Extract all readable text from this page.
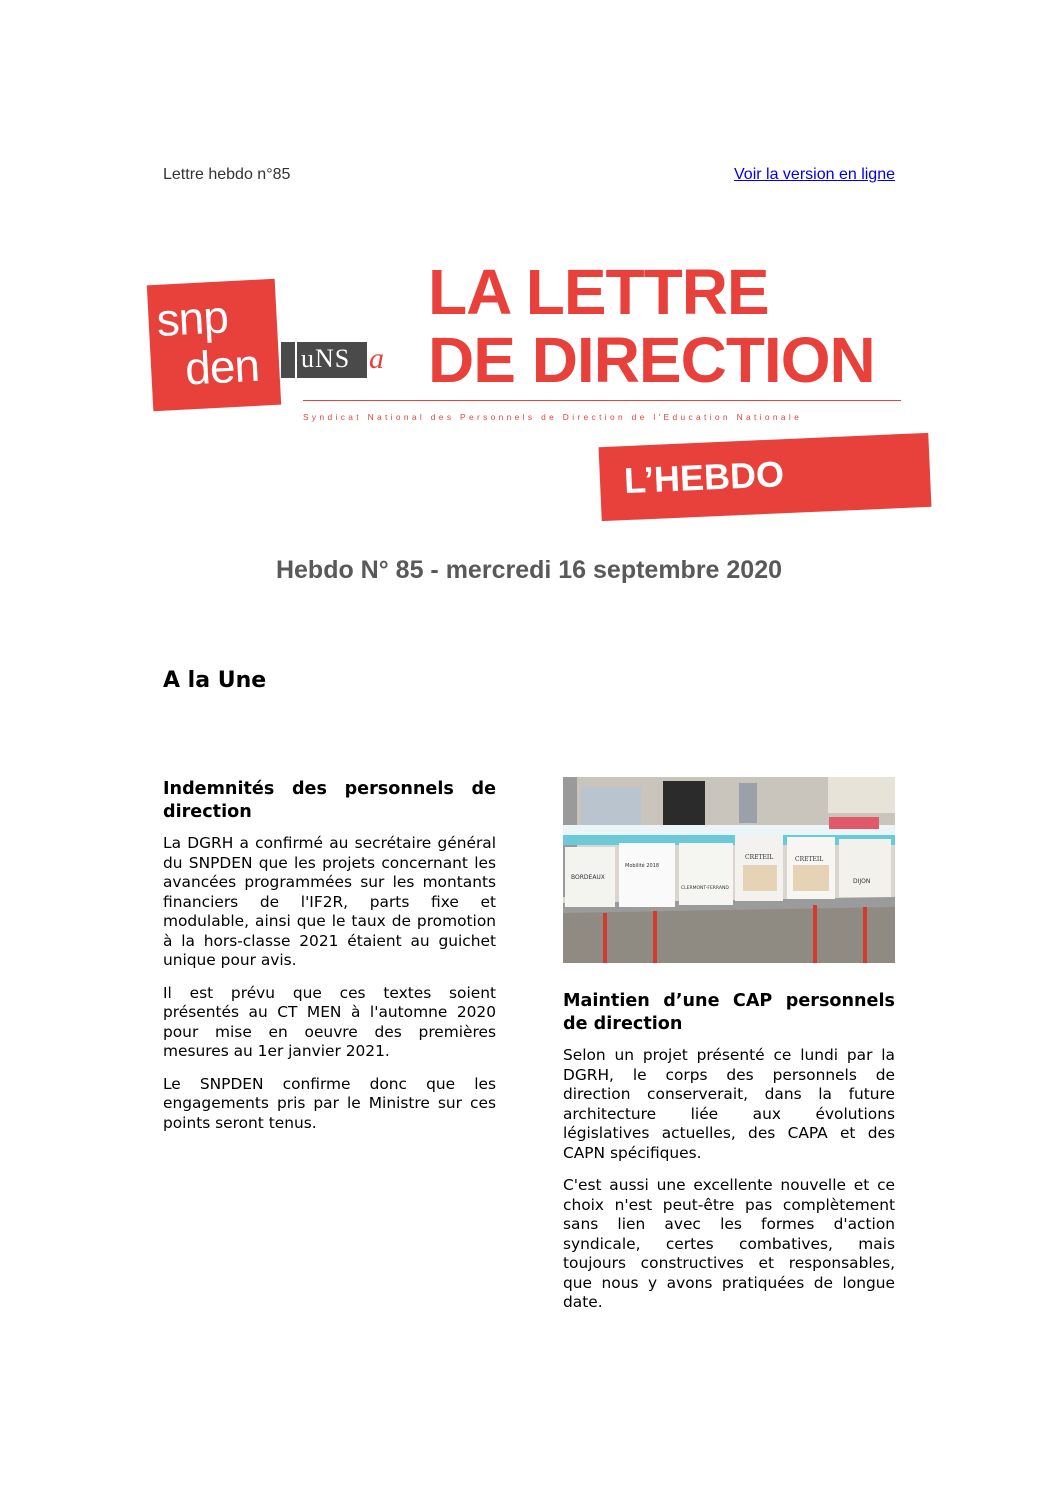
Lettre hebdo n°85	Voir la version en ligne
snp
den uNS a
LA LETTRE
DE DIRECTION
Syndicat National des Personnels de Direction de l'Education Nationale
L’HEBDO
Hebdo N° 85 - mercredi 16 septembre 2020
A la Une
Indemnités des personnels de direction

La DGRH a confirmé au secrétaire général du SNPDEN que les projets concernant les avancées programmées sur les montants financiers de l'IF2R, parts fixe et modulable, ainsi que le taux de promotion à la hors-classe 2021 étaient au guichet unique pour avis.

Il est prévu que ces textes soient présentés au CT MEN à l'automne 2020 pour mise en oeuvre des premières mesures au 1er janvier 2021.

Le SNPDEN confirme donc que les engagements pris par le Ministre sur ces points seront tenus.

BORDEAUX
Mobilité 2018
CLERMONT-FERRAND
CRETEIL	CRETEIL
DIJON
Maintien d’une CAP personnels de direction

Selon un projet présenté ce lundi par la DGRH, le corps des personnels de direction conserverait, dans la future architecture liée aux évolutions législatives actuelles, des CAPA et des CAPN spécifiques.

C'est aussi une excellente nouvelle et ce choix n'est peut-être pas complètement sans lien avec les formes d'action syndicale, certes combatives, mais toujours constructives et responsables, que nous y avons pratiquées de longue date.
